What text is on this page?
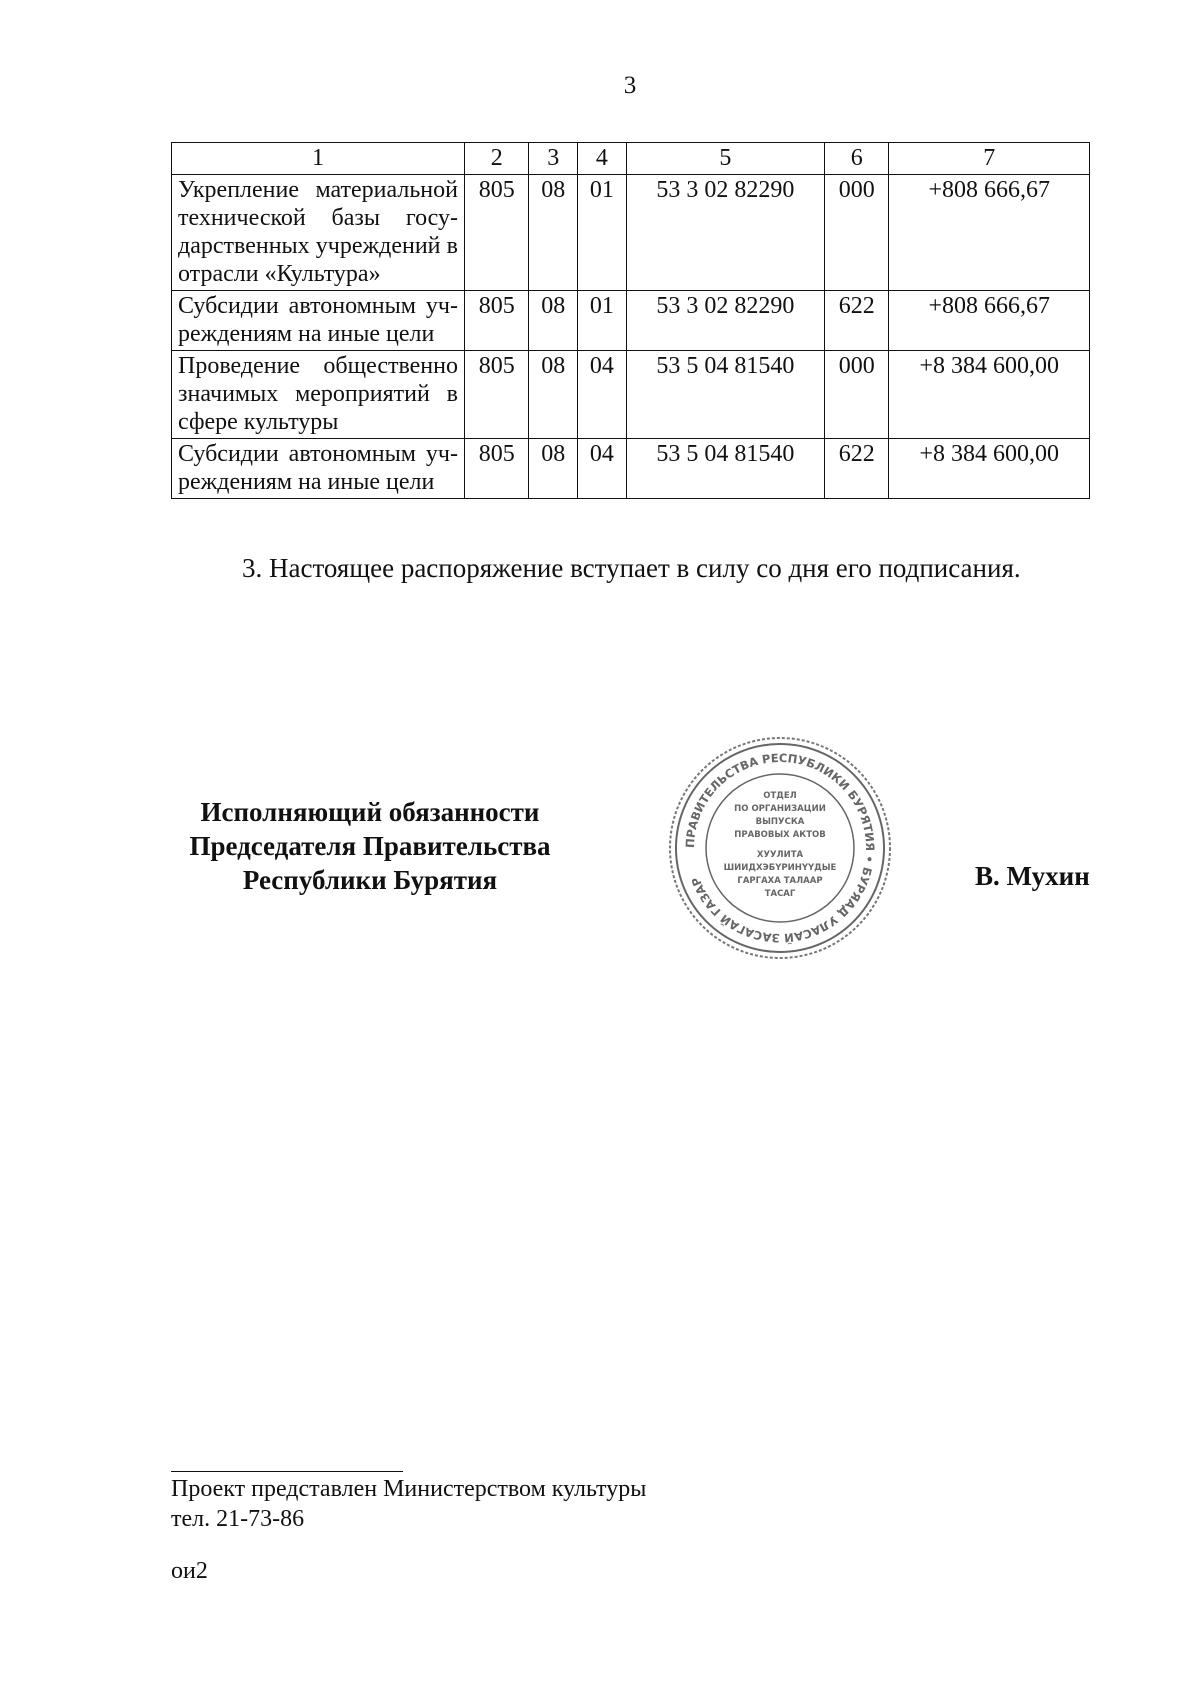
3
1	2	3	4	5	6	7
Укрепление материальной технической базы госу-дарственных учреждений в отрасли «Культура»	805	08	01	53 3 02 82290	000	+808 666,67
Субсидии автономным уч-реждениям на иные цели	805	08	01	53 3 02 82290	622	+808 666,67
Проведение общественно значимых мероприятий в сфере культуры	805	08	04	53 5 04 81540	000	+8 384 600,00
Субсидии автономным уч-реждениям на иные цели	805	08	04	53 5 04 81540	622	+8 384 600,00
3. Настоящее распоряжение вступает в силу со дня его подписания.
Исполняющий обязанности
Председателя Правительства
Республики Бурятия
ПРАВИТЕЛЬСТВА РЕСПУБЛИКИ БУРЯТИЯ • БУРЯАД УЛАСАЙ ЗАСАГАЙ ГАЗАР
ОТДЕЛ
ПО ОРГАНИЗАЦИИ
ВЫПУСКА
ПРАВОВЫХ АКТОВ
ХУУЛИТА
ШИИДХЭБҮРИНҮҮДЫЕ
ГАРГАХА ТАЛААР
ТАСАГ
В. Мухин
Проект представлен Министерством культуры
тел. 21-73-86
ои2
